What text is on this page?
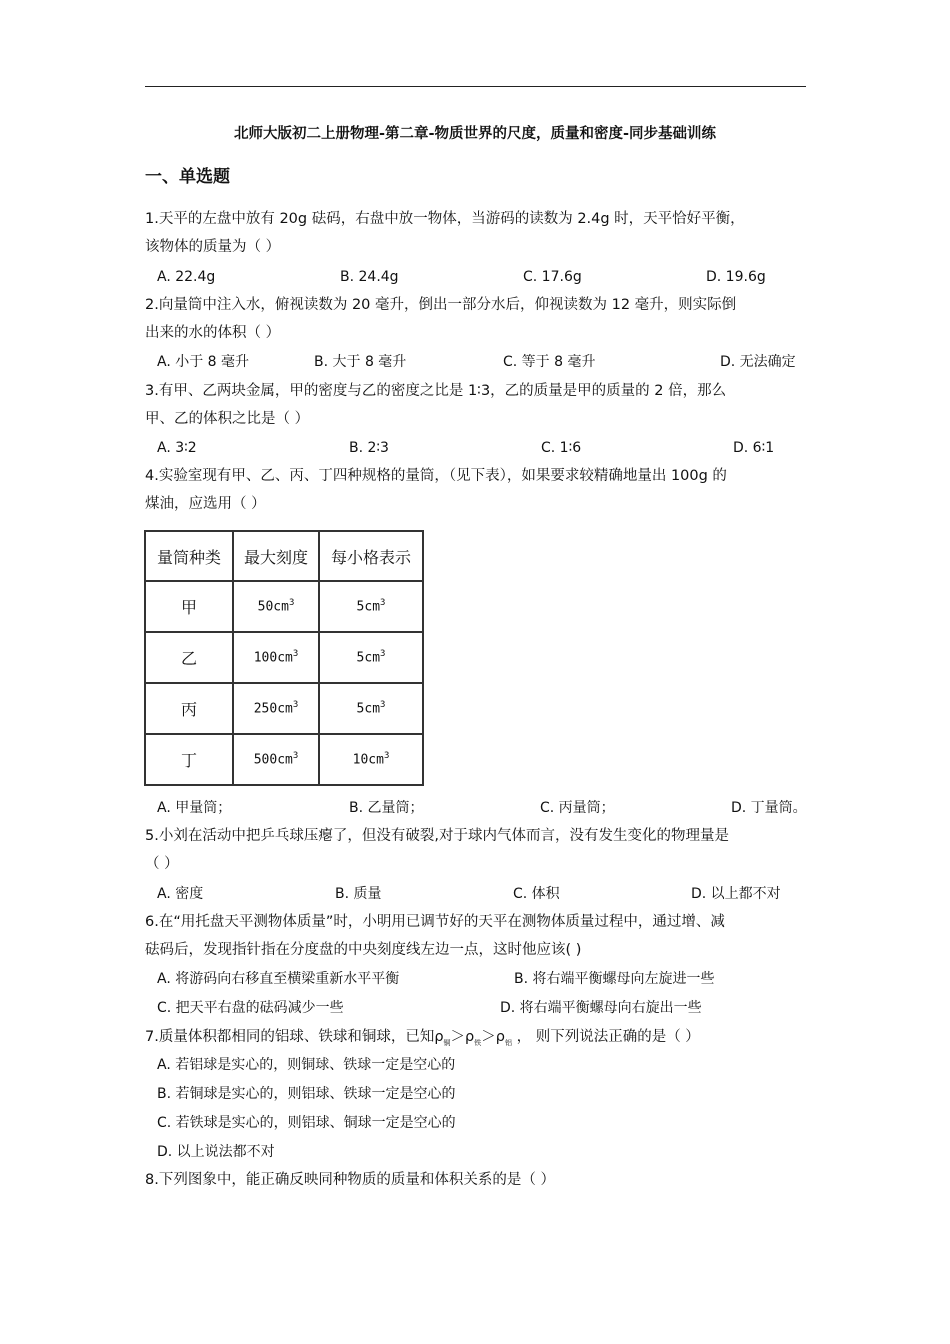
北师大版初二上册物理-第二章-物质世界的尺度，质量和密度-同步基础训练
一、单选题
1.天平的左盘中放有 20g 砝码，右盘中放一物体，当游码的读数为 2.4g 时，天平恰好平衡，
该物体的质量为（ ）
A. 22.4g	B. 24.4g	C. 17.6g	D. 19.6g
2.向量筒中注入水，俯视读数为 20 毫升，倒出一部分水后，仰视读数为 12 毫升，则实际倒
出来的水的体积（ ）
A. 小于 8 毫升	B. 大于 8 毫升	C. 等于 8 毫升	D. 无法确定
3.有甲、乙两块金属，甲的密度与乙的密度之比是 1∶3，乙的质量是甲的质量的 2 倍，那么
甲、乙的体积之比是（ ）
A. 3∶2	B. 2∶3	C. 1∶6	D. 6∶1
4.实验室现有甲、乙、丙、丁四种规格的量筒，（见下表），如果要求较精确地量出 100g 的
煤油，应选用（ ）
量筒种类	最大刻度	每小格表示
甲	$50cm^3$	$5cm^3$
乙	$100cm^3$	$5cm^3$
丙	$250cm^3$	$5cm^3$
丁	$500cm^3$	$10cm^3$
A. 甲量筒；	B. 乙量筒；	C. 丙量筒；	D. 丁量筒。
5.小刘在活动中把乒乓球压瘪了，但没有破裂,对于球内气体而言，没有发生变化的物理量是
（ ）
A. 密度	B. 质量	C. 体积	D. 以上都不对
6.在“用托盘天平测物体质量”时，小明用已调节好的天平在测物体质量过程中，通过增、减
砝码后，发现指针指在分度盘的中央刻度线左边一点，这时他应该( )
A. 将游码向右移直至横梁重新水平平衡	B. 将右端平衡螺母向左旋进一些
C. 把天平右盘的砝码减少一些	D. 将右端平衡螺母向右旋出一些

7.质量体积都相同的铝球、铁球和铜球，已知$\rho_铜>\rho_铁>\rho_铝$ ， 则下列说法正确的是（ ）
A. 若铝球是实心的，则铜球、铁球一定是空心的
B. 若铜球是实心的，则铝球、铁球一定是空心的
C. 若铁球是实心的，则铝球、铜球一定是空心的
D. 以上说法都不对
8.下列图象中，能正确反映同种物质的质量和体积关系的是（ ）
